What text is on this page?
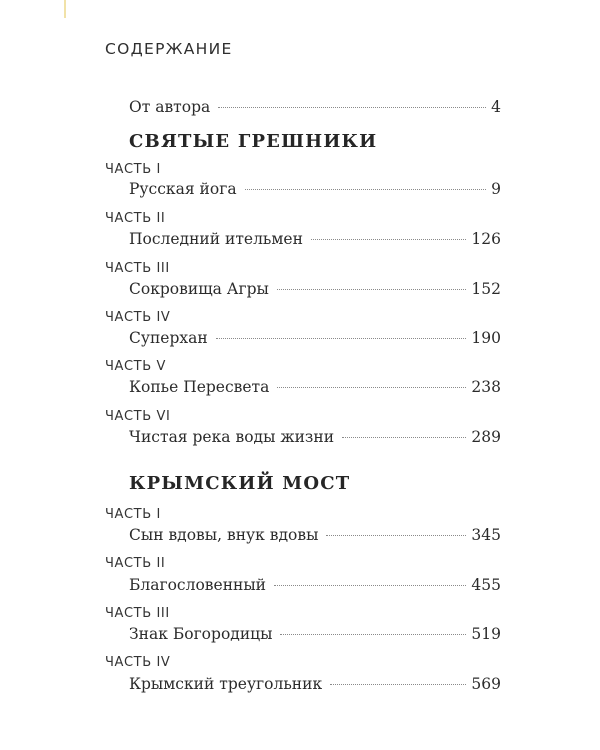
СОДЕРЖАНИЕ
От автора	4
СВЯТЫЕ ГРЕШНИКИ
ЧАСТЬ I
Русская йога	9
ЧАСТЬ II
Последний ительмен	126
ЧАСТЬ III
Сокровища Агры	152
ЧАСТЬ IV
Суперхан	190
ЧАСТЬ V
Копье Пересвета	238
ЧАСТЬ VI
Чистая река воды жизни	289
КРЫМСКИЙ МОСТ
ЧАСТЬ I
Сын вдовы, внук вдовы	345
ЧАСТЬ II
Благословенный	455
ЧАСТЬ III
Знак Богородицы	519
ЧАСТЬ IV
Крымский треугольник	569
